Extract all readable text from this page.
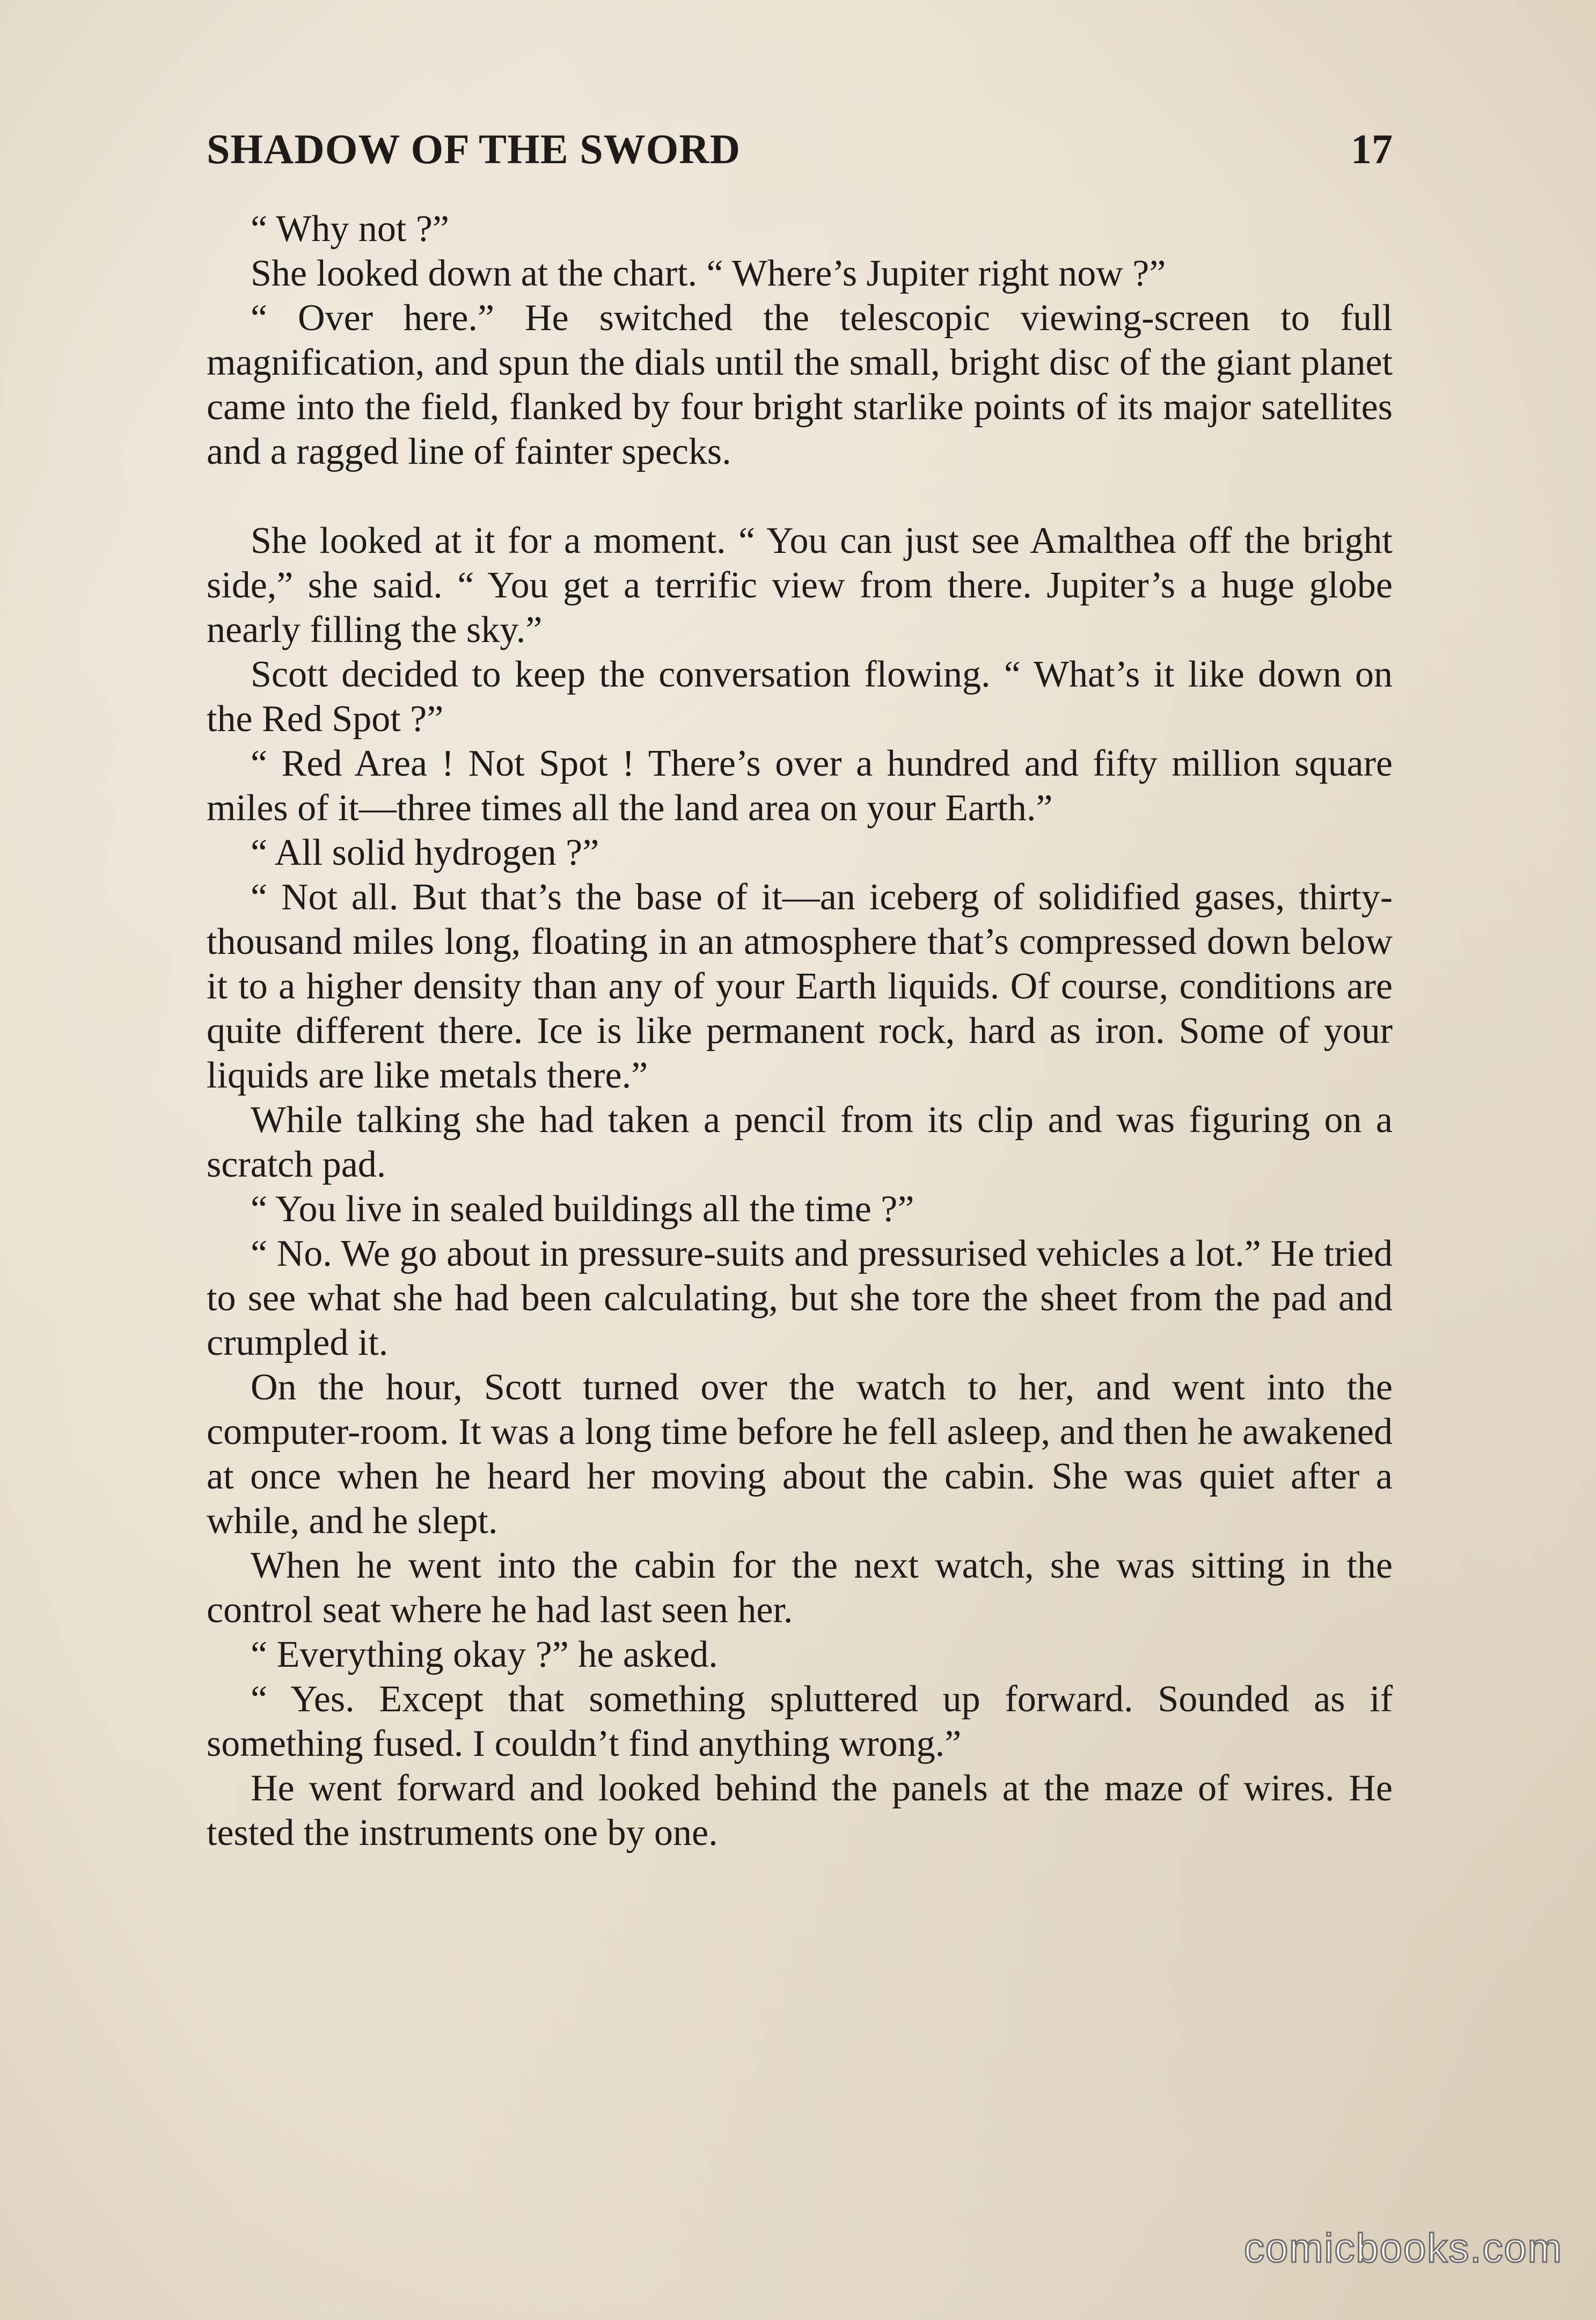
SHADOW OF THE SWORD	17

“ Why not ?”

She looked down at the chart. “ Where’s Jupiter right now ?”

“ Over here.” He switched the telescopic viewing-screen to full magnification, and spun the dials until the small, bright disc of the giant planet came into the field, flanked by four bright starlike points of its major satellites and a ragged line of fainter specks.

She looked at it for a moment. “ You can just see Amalthea off the bright side,” she said. “ You get a terrific view from there. Jupiter’s a huge globe nearly filling the sky.”

Scott decided to keep the conversation flowing. “ What’s it like down on the Red Spot ?”

“ Red Area ! Not Spot ! There’s over a hundred and fifty million square miles of it—three times all the land area on your Earth.”

“ All solid hydrogen ?”

“ Not all. But that’s the base of it—an iceberg of solidified gases, thirty-thousand miles long, floating in an atmosphere that’s compressed down below it to a higher density than any of your Earth liquids. Of course, conditions are quite different there. Ice is like permanent rock, hard as iron. Some of your liquids are like metals there.”

While talking she had taken a pencil from its clip and was figuring on a scratch pad.

“ You live in sealed buildings all the time ?”

“ No. We go about in pressure-suits and pressurised vehicles a lot.” He tried to see what she had been calculating, but she tore the sheet from the pad and crumpled it.

On the hour, Scott turned over the watch to her, and went into the computer-room. It was a long time before he fell asleep, and then he awakened at once when he heard her moving about the cabin. She was quiet after a while, and he slept.

When he went into the cabin for the next watch, she was sitting in the control seat where he had last seen her.

“ Everything okay ?” he asked.

“ Yes. Except that something spluttered up forward. Sounded as if something fused. I couldn’t find anything wrong.”

He went forward and looked behind the panels at the maze of wires. He tested the instruments one by one.

comicbooks.com
